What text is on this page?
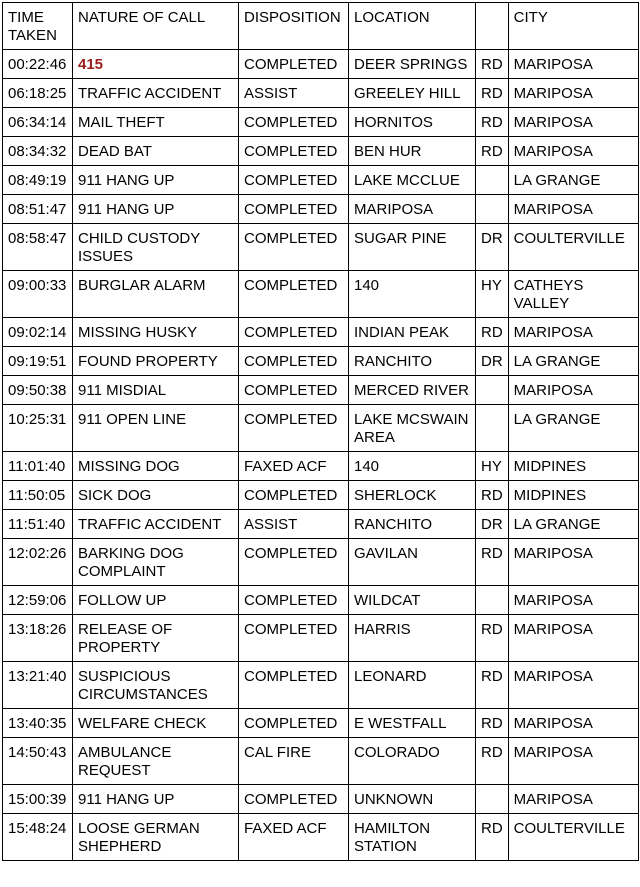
TIME TAKEN	NATURE OF CALL	DISPOSITION	LOCATION		CITY
00:22:46	415	COMPLETED	DEER SPRINGS	RD	MARIPOSA
06:18:25	TRAFFIC ACCIDENT	ASSIST	GREELEY HILL	RD	MARIPOSA
06:34:14	MAIL THEFT	COMPLETED	HORNITOS	RD	MARIPOSA
08:34:32	DEAD BAT	COMPLETED	BEN HUR	RD	MARIPOSA
08:49:19	911 HANG UP	COMPLETED	LAKE MCCLUE		LA GRANGE
08:51:47	911 HANG UP	COMPLETED	MARIPOSA		MARIPOSA
08:58:47	CHILD CUSTODY ISSUES	COMPLETED	SUGAR PINE	DR	COULTERVILLE
09:00:33	BURGLAR ALARM	COMPLETED	140	HY	CATHEYS VALLEY
09:02:14	MISSING HUSKY	COMPLETED	INDIAN PEAK	RD	MARIPOSA
09:19:51	FOUND PROPERTY	COMPLETED	RANCHITO	DR	LA GRANGE
09:50:38	911 MISDIAL	COMPLETED	MERCED RIVER		MARIPOSA
10:25:31	911 OPEN LINE	COMPLETED	LAKE MCSWAIN AREA		LA GRANGE
11:01:40	MISSING DOG	FAXED ACF	140	HY	MIDPINES
11:50:05	SICK DOG	COMPLETED	SHERLOCK	RD	MIDPINES
11:51:40	TRAFFIC ACCIDENT	ASSIST	RANCHITO	DR	LA GRANGE
12:02:26	BARKING DOG COMPLAINT	COMPLETED	GAVILAN	RD	MARIPOSA
12:59:06	FOLLOW UP	COMPLETED	WILDCAT		MARIPOSA
13:18:26	RELEASE OF PROPERTY	COMPLETED	HARRIS	RD	MARIPOSA
13:21:40	SUSPICIOUS CIRCUMSTANCES	COMPLETED	LEONARD	RD	MARIPOSA
13:40:35	WELFARE CHECK	COMPLETED	E WESTFALL	RD	MARIPOSA
14:50:43	AMBULANCE REQUEST	CAL FIRE	COLORADO	RD	MARIPOSA
15:00:39	911 HANG UP	COMPLETED	UNKNOWN		MARIPOSA
15:48:24	LOOSE GERMAN SHEPHERD	FAXED ACF	HAMILTON STATION	RD	COULTERVILLE
